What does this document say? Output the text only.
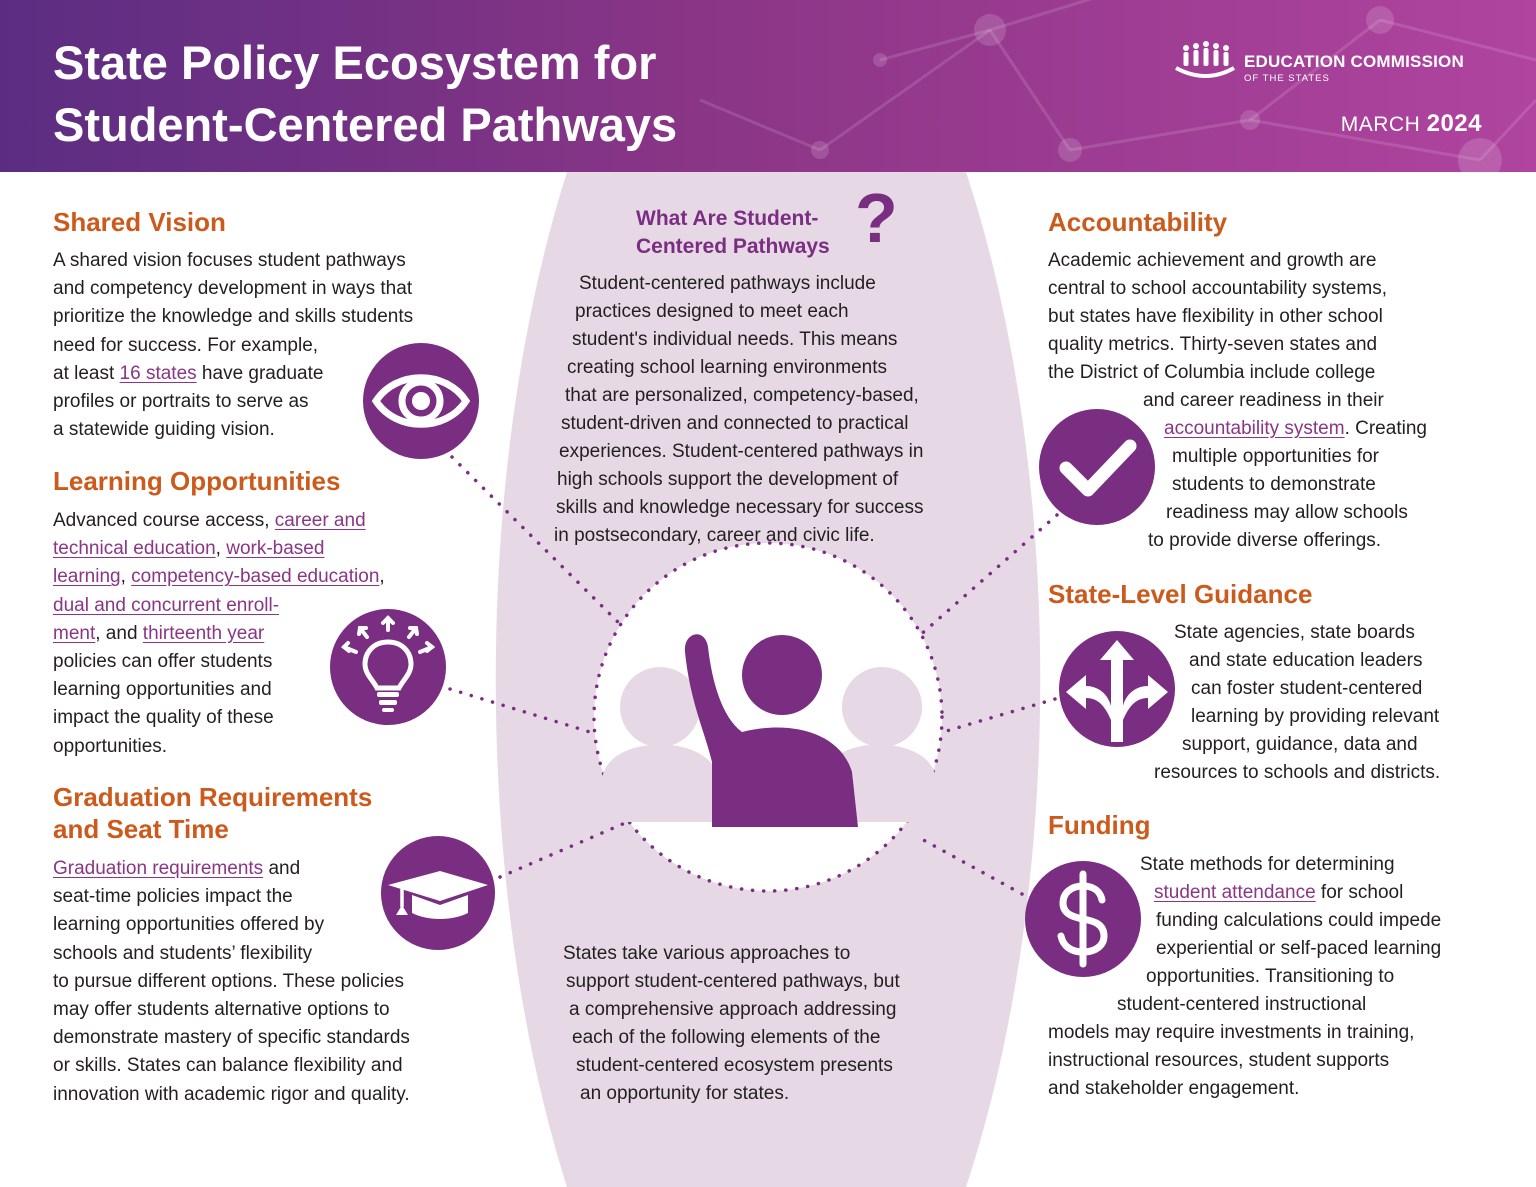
State Policy Ecosystem for
Student-Centered Pathways
EDUCATION COMMISSION
OF THE STATES
MARCH 2024
What Are Student-
Centered Pathways ?
Student-centered pathways include
practices designed to meet each
student's individual needs. This means
creating school learning environments
that are personalized, competency-based,
student-driven and connected to practical
experiences. Student-centered pathways in
high schools support the development of
skills and knowledge necessary for success
in postsecondary, career and civic life.
States take various approaches to
support student-centered pathways, but
a comprehensive approach addressing
each of the following elements of the
student-centered ecosystem presents
an opportunity for states.
Shared Vision
A shared vision focuses student pathways
and competency development in ways that
prioritize the knowledge and skills students
need for success. For example,
at least 16 states have graduate
profiles or portraits to serve as
a statewide guiding vision.
Learning Opportunities
Advanced course access, career and
technical education, work-based
learning, competency-based education,
dual and concurrent enroll-
ment, and thirteenth year
policies can offer students
learning opportunities and
impact the quality of these
opportunities.
Graduation Requirements
and Seat Time
Graduation requirements and
seat-time policies impact the
learning opportunities offered by
schools and students’ flexibility
to pursue different options. These policies
may offer students alternative options to
demonstrate mastery of specific standards
or skills. States can balance flexibility and
innovation with academic rigor and quality.
Accountability
Academic achievement and growth are
central to school accountability systems,
but states have flexibility in other school
quality metrics. Thirty-seven states and
the District of Columbia include college
and career readiness in their
accountability system. Creating
multiple opportunities for
students to demonstrate
readiness may allow schools
to provide diverse offerings.
State-Level Guidance
State agencies, state boards
and state education leaders
can foster student-centered
learning by providing relevant
support, guidance, data and
resources to schools and districts.
Funding
State methods for determining
student attendance for school
funding calculations could impede
experiential or self-paced learning
opportunities. Transitioning to
student-centered instructional
models may require investments in training,
instructional resources, student supports
and stakeholder engagement.
